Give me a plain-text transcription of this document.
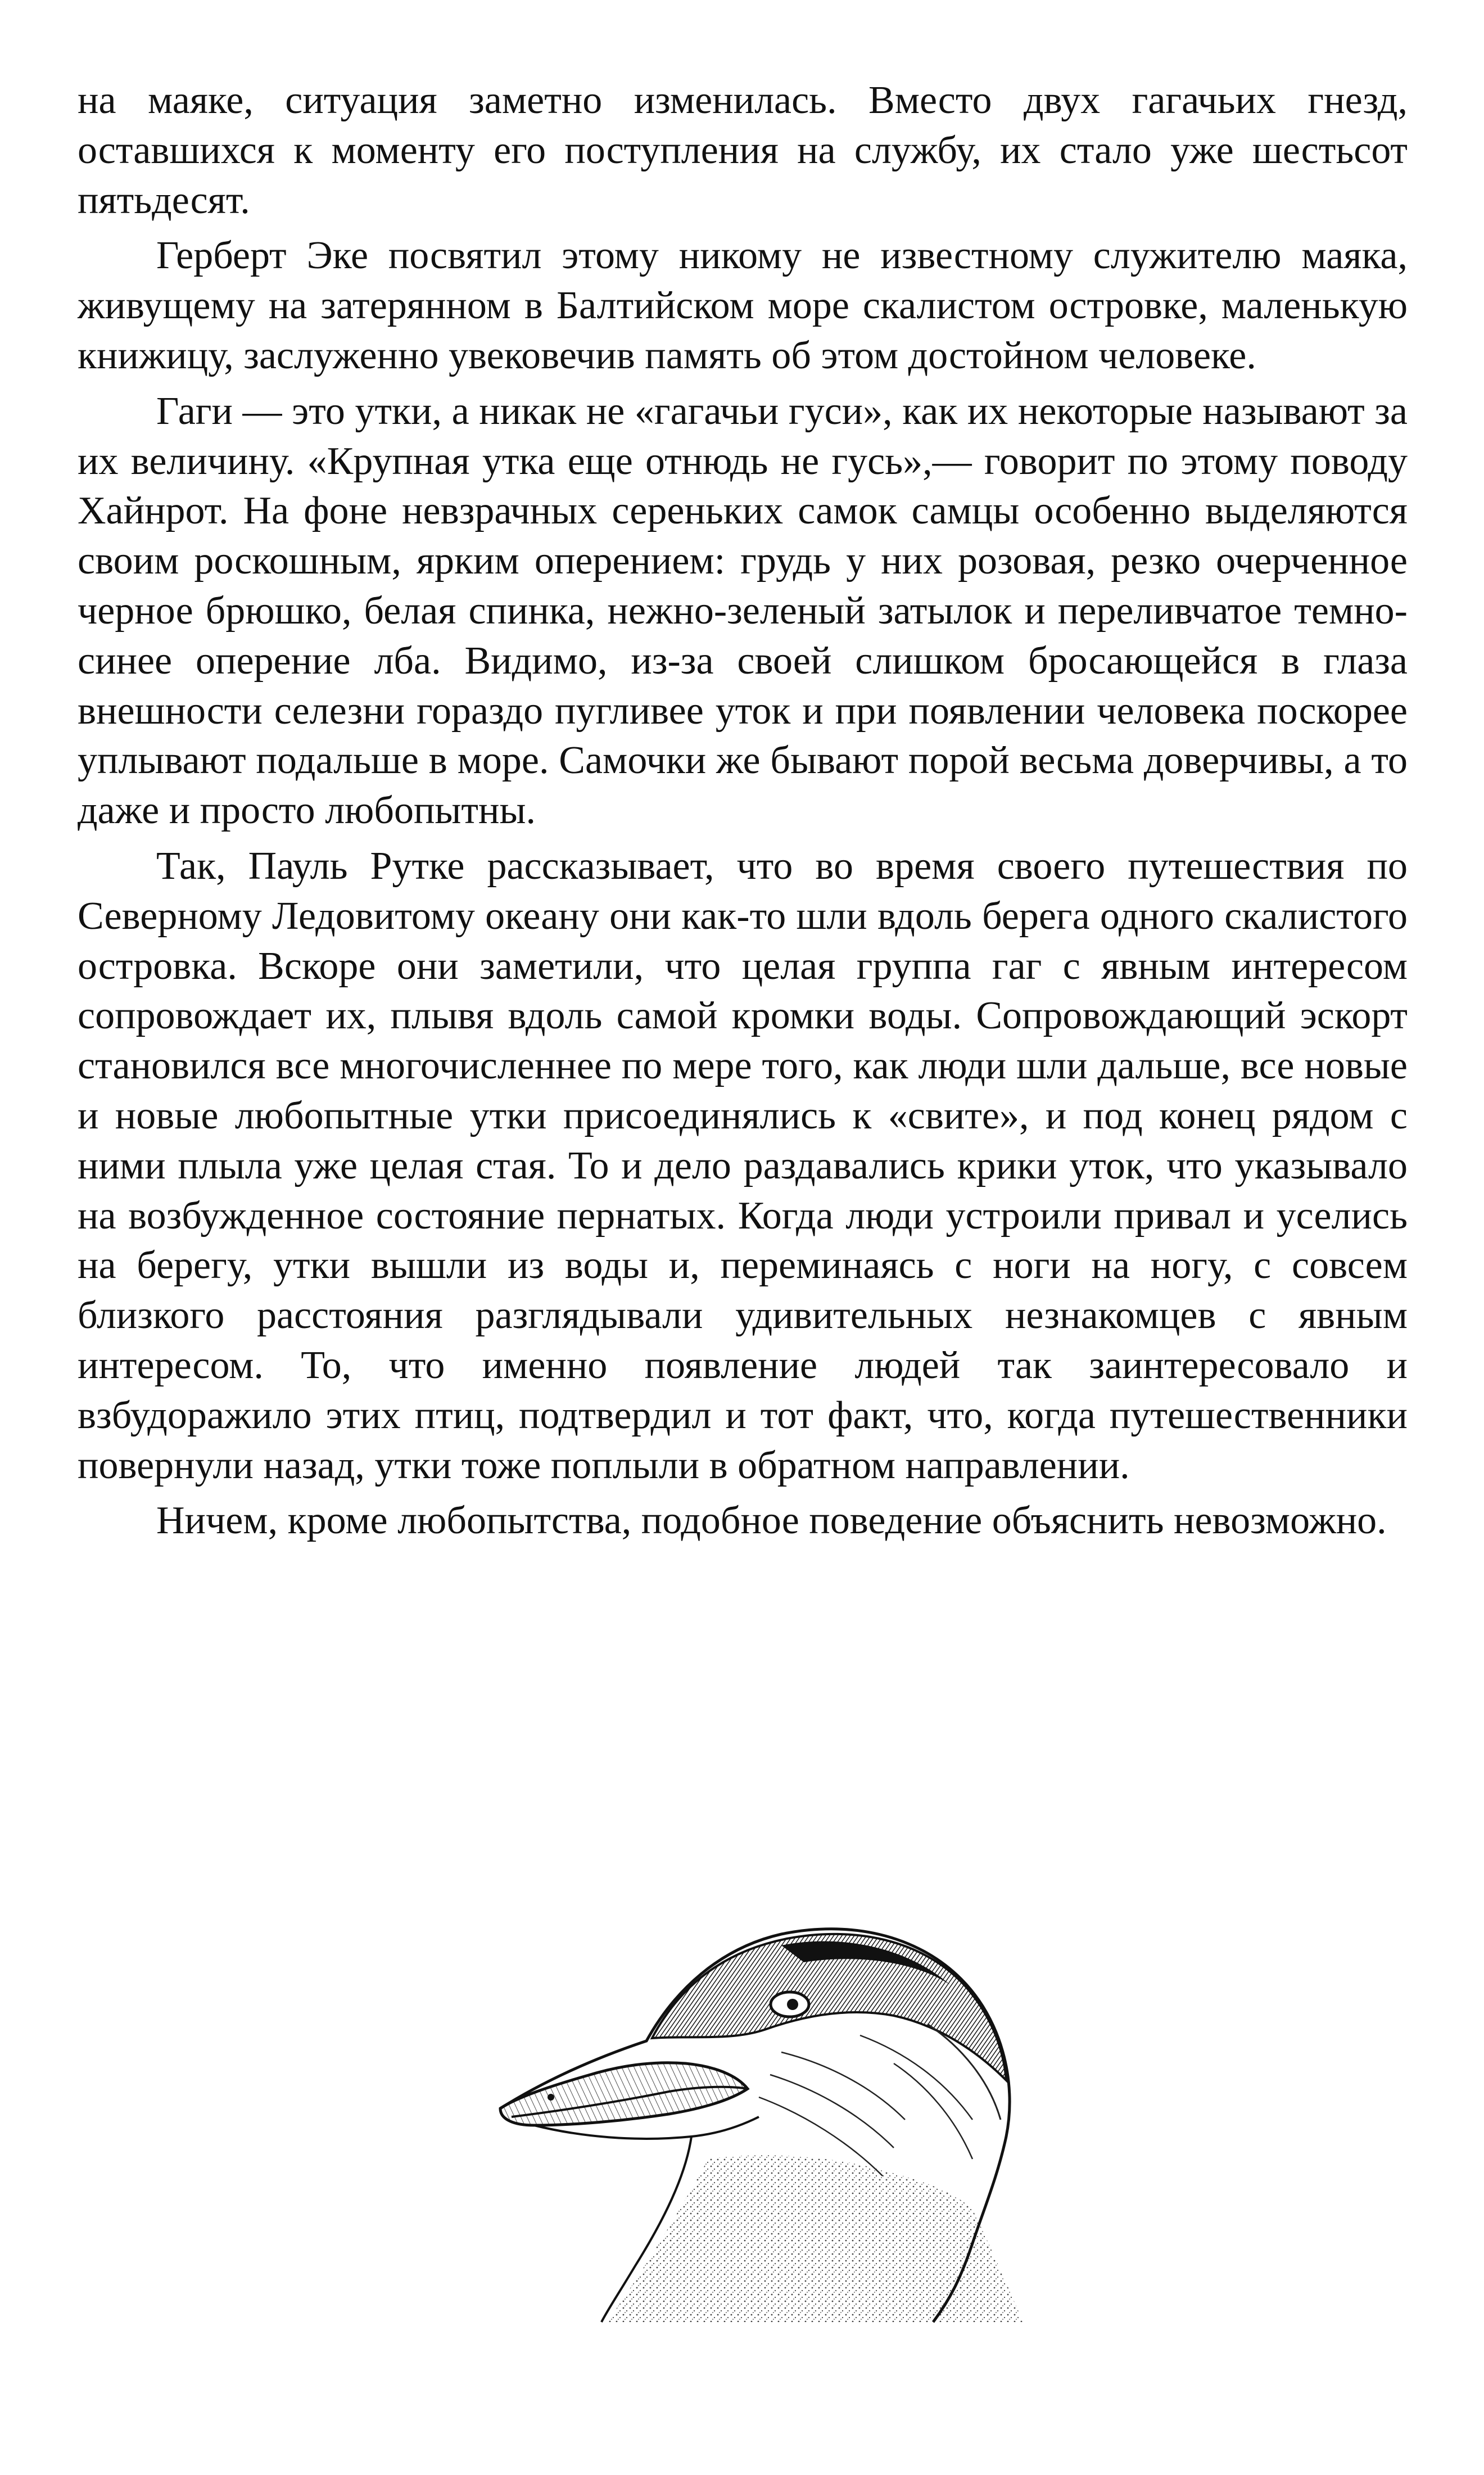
на маяке, ситуация заметно изменилась. Вместо двух гагачьих гнезд, оставшихся к моменту его поступления на службу, их стало уже шестьсот пятьдесят.

Герберт Эке посвятил этому никому не известному служителю маяка, живущему на затерянном в Балтийском море скалистом островке, маленькую книжицу, заслуженно увековечив память об этом достойном человеке.

Гаги — это утки, а никак не «гагачьи гуси», как их некоторые называют за их величину. «Крупная утка еще отнюдь не гусь»,— говорит по этому поводу Хайнрот. На фоне невзрачных серeньких самок самцы особенно выделяются своим роскошным, ярким оперением: грудь у них розовая, резко очерченное черное брюшко, белая спинка, нежно-зеленый затылок и переливчатое темно-синее оперение лба. Видимо, из-за своей слишком бросающейся в глаза внешности селезни гораздо пугливее уток и при появлении человека поскорее уплывают подальше в море. Самочки же бывают порой весьма доверчивы, а то даже и просто любопытны.

Так, Пауль Рутке рассказывает, что во время своего путешествия по Северному Ледовитому океану они как-то шли вдоль берега одного скалистого островка. Вскоре они заметили, что целая группа гаг с явным интересом сопровождает их, плывя вдоль самой кромки воды. Сопровождающий эскорт становился все многочисленнее по мере того, как люди шли дальше, все новые и новые любопытные утки присоединялись к «свите», и под конец рядом с ними плыла уже целая стая. То и дело раздавались крики уток, что указывало на возбужденное состояние пернатых. Когда люди устроили привал и уселись на берегу, утки вышли из воды и, переминаясь с ноги на ногу, с совсем близкого расстояния разглядывали удивительных незнакомцев с явным интересом. То, что именно появление людей так заинтересовало и взбудоражило этих птиц, подтвердил и тот факт, что, когда путешественники повернули назад, утки тоже поплыли в обратном направлении.

Ничем, кроме любопытства, подобное поведение объяснить невозможно.
